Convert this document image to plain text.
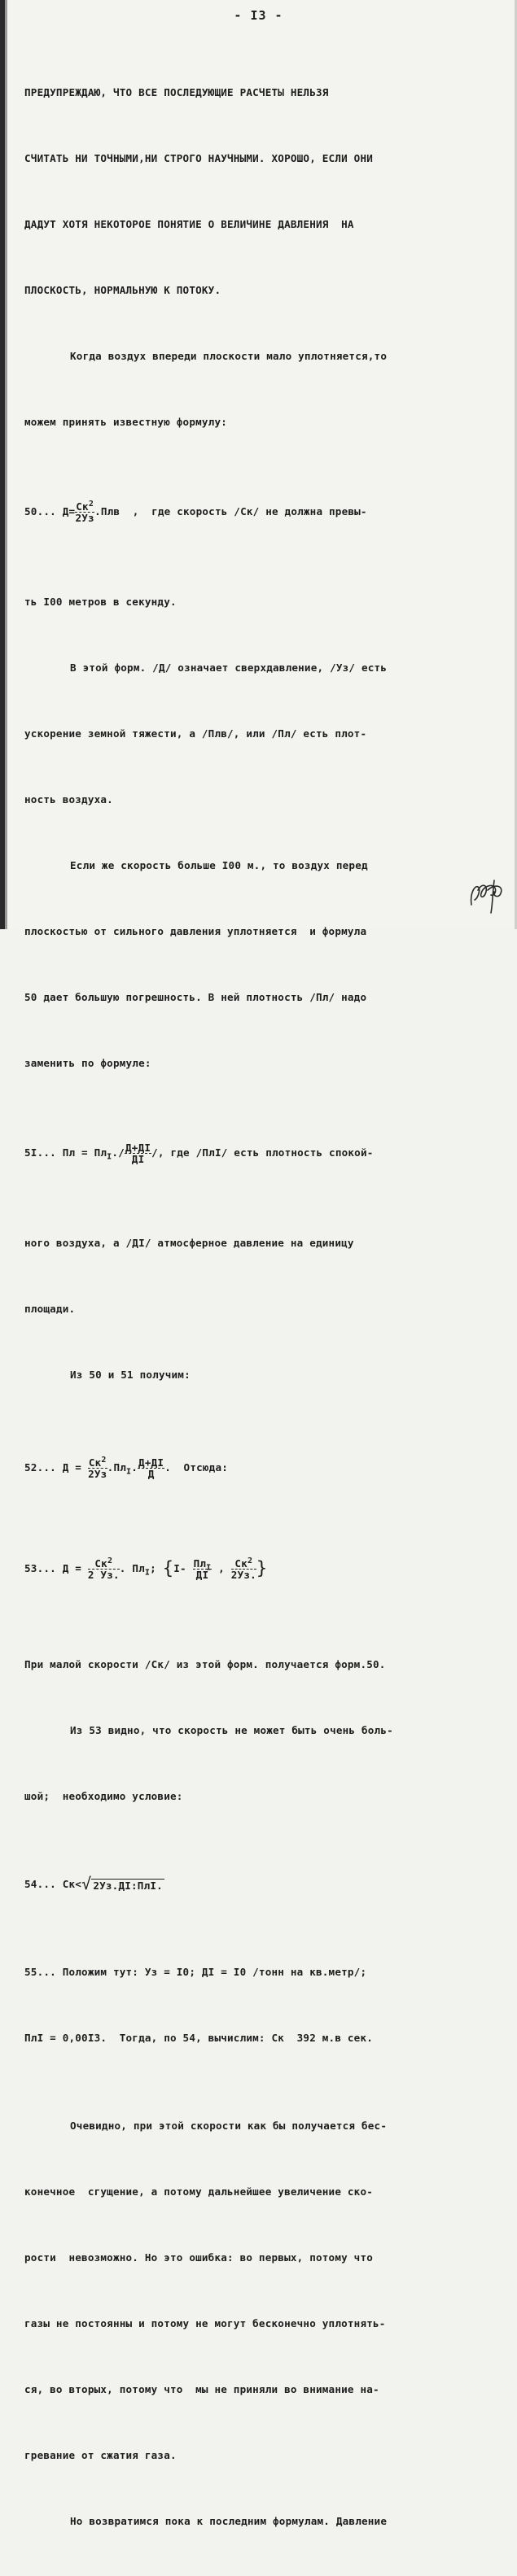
- I3 -

ПРЕДУПРЕЖДАЮ, ЧТО ВСЕ ПОСЛЕДУЮЩИЕ РАСЧЕТЫ НЕЛЬЗЯ

СЧИТАТЬ НИ ТОЧНЫМИ,НИ СТРОГО НАУЧНЫМИ. ХОРОШО, ЕСЛИ ОНИ

ДАДУТ ХОТЯ НЕКОТОРОЕ ПОНЯТИЕ О ВЕЛИЧИНЕ ДАВЛЕНИЯ  НА

ПЛОСКОСТЬ, НОРМАЛЬНУЮ К ПОТОКУ.

Когда воздух впереди плоскости мало уплотняется,то

можем принять известную формулу:

50... $Д= \frac{Ск^2}{2Уз} .Плв$  ,  где скорость /Ск/ не должна превы-

ть I00 метров в секунду.

В этой форм. /Д/ означает сверхдавление, /Уз/ есть

ускорение земной тяжести, а /Плв/, или /Пл/ есть плот-

ность воздуха.

Если же скорость больше I00 м., то воздух перед

плоскостью от сильного давления уплотняется  и формула

50 дает большую погрешность. В ней плотность /Пл/ надо

заменить по формуле:

5I... Пл = $Пл_I./ \frac{Д+ДI}{ДI}$ /, где /ПлI/ есть плотность спокой-

ного воздуха, а /ДI/ атмосферное давление на единицу

площади.

Из 50 и 51 получим:

52... $Д = \frac{Ск^2}{2Уз} .Пл_I$. $\frac{Д+ДI}{Д}$ .  Отсюда:

53... $Д = \frac{Ск^2}{2 Уз.}$ . $Пл_I$; {$I- \frac{Пл_I}{ДI}$ , $\frac{Ск^2}{2Уз.}$ }

При малой скорости /Ск/ из этой форм. получается форм.50.

Из 53 видно, что скорость не может быть очень боль-

шой;  необходимо условие:

54... Ск<√ 2Уз.ДI:ПлI.

55... Положим тут: Уз = I0; ДI = I0 /тонн на кв.метр/;

ПлI = 0,00I3.  Тогда, по 54, вычислим: Ск  392 м.в сек.

Очевидно, при этой скорости как бы получается бес-

конечное  сгущение, а потому дальнейшее увеличение ско-

рости  невозможно. Но это ошибка: во первых, потому что

газы не постоянны и потому не могут бесконечно уплотнять-

ся, во вторых, потому что  мы не приняли во внимание на-

гревание от сжатия газа.

Но возвратимся пока к последним формулам. Давление
